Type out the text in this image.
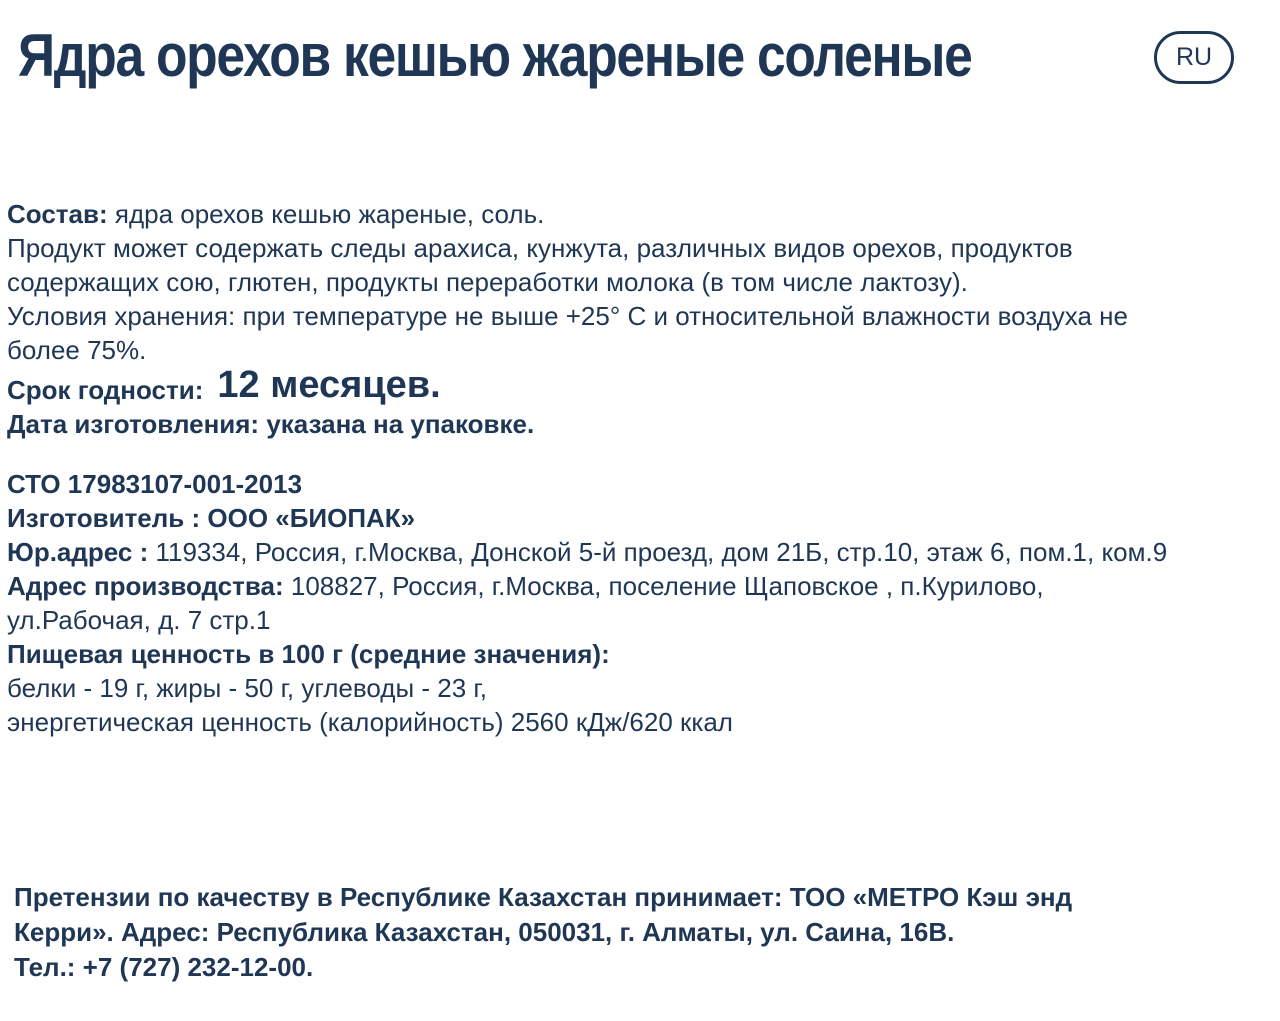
Ядра орехов кешью жареные соленые	RU

Состав: ядра орехов кешью жареные, соль.

Продукт может содержать следы арахиса, кунжута, различных видов орехов, продуктов

содержащих сою, глютен, продукты переработки молока (в том числе лактозу).

Условия хранения: при температуре не выше +25° С и относительной влажности воздуха не

более 75%.

Срок годности: 12 месяцев.

Дата изготовления: указана на упаковке.

СТО 17983107-001-2013

Изготовитель : ООО «БИОПАК»

Юр.адрес : 119334, Россия, г.Москва, Донской 5-й проезд, дом 21Б, стр.10, этаж 6, пом.1, ком.9

Адрес производства: 108827, Россия, г.Москва, поселение Щаповское , п.Курилово,

ул.Рабочая, д. 7 стр.1

Пищевая ценность в 100 г (средние значения):

белки - 19 г, жиры - 50 г, углеводы - 23 г,

энергетическая ценность (калорийность) 2560 кДж/620 ккал

Претензии по качеству в Республике Казахстан принимает: ТОО «МЕТРО Кэш энд

Керри». Адрес: Республика Казахстан, 050031, г. Алматы, ул. Саина, 16В.

Тел.: +7 (727) 232-12-00.
